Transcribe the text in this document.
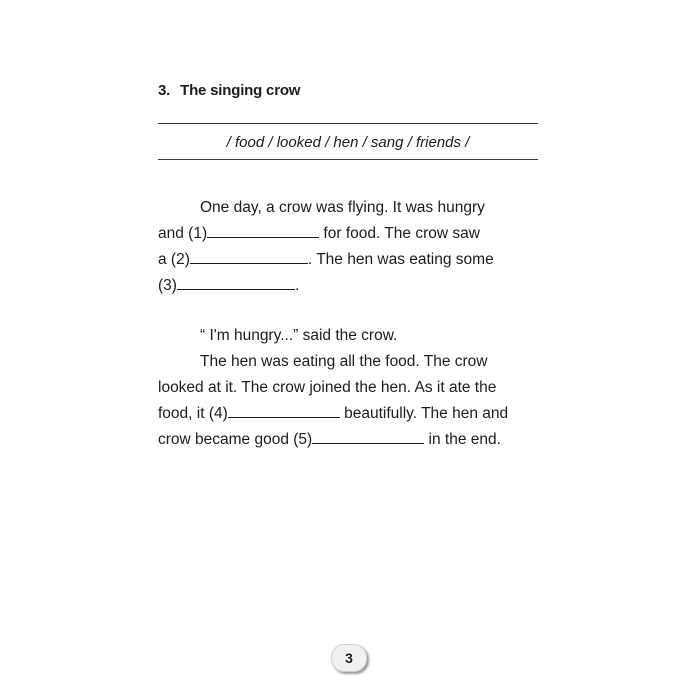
3. The singing crow
/ food / looked / hen / sang / friends /
One day, a crow was flying. It was hungry
and (1)	for food. The crow saw
a (2)	. The hen was eating some
(3)	.
“ I'm hungry...” said the crow.
The hen was eating all the food. The crow
looked at it. The crow joined the hen. As it ate the
food, it (4)	beautifully. The hen and
crow became good (5)	in the end.
3
